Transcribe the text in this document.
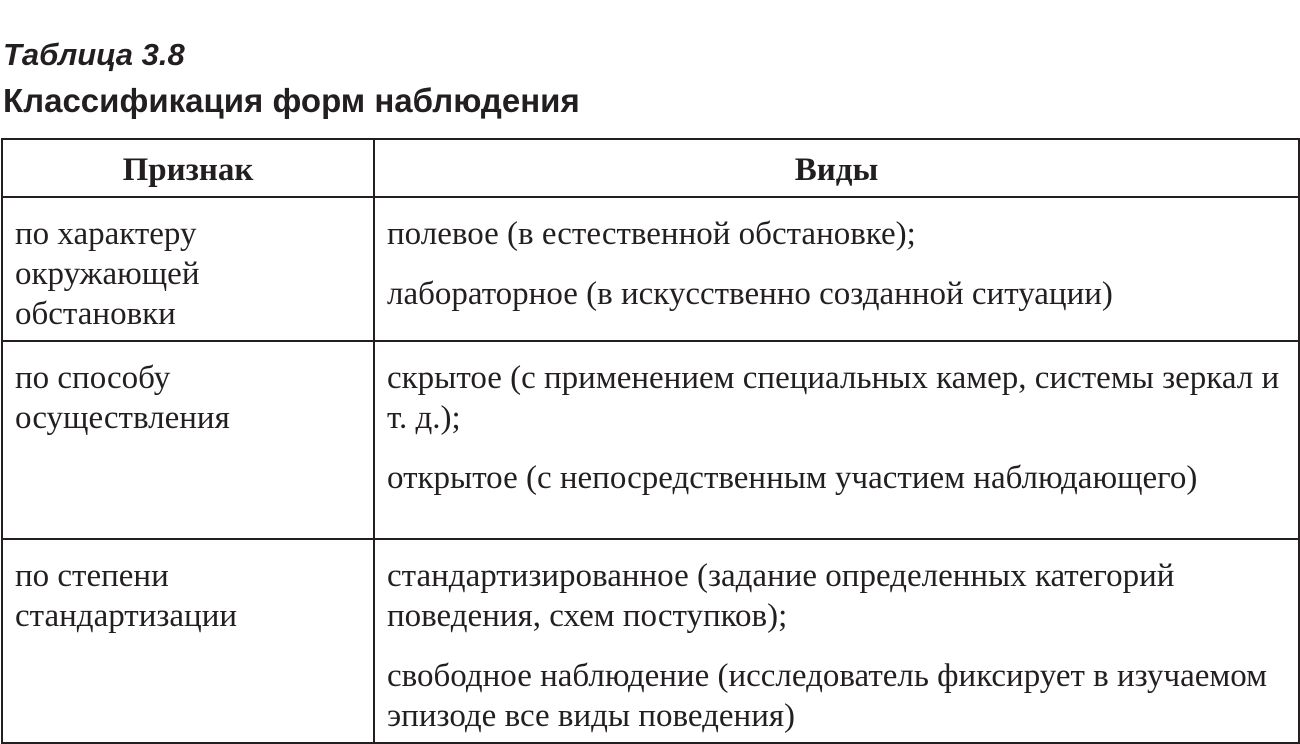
Таблица 3.8
Классификация форм наблюдения
Признак	Виды

по характеру окружающей обстановки	полевое (в естественной обстановке);

лабораторное (в искусственно созданной ситуации)

по способу осуществления	скрытое (с применением специальных камер, системы зеркал и т. д.);

открытое (с непосредственным участием наблюдающего)

по степени стандартизации	стандартизированное (задание определенных категорий поведения, схем поступков);

свободное наблюдение (исследователь фиксирует в изучаемом эпизоде все виды поведения)
